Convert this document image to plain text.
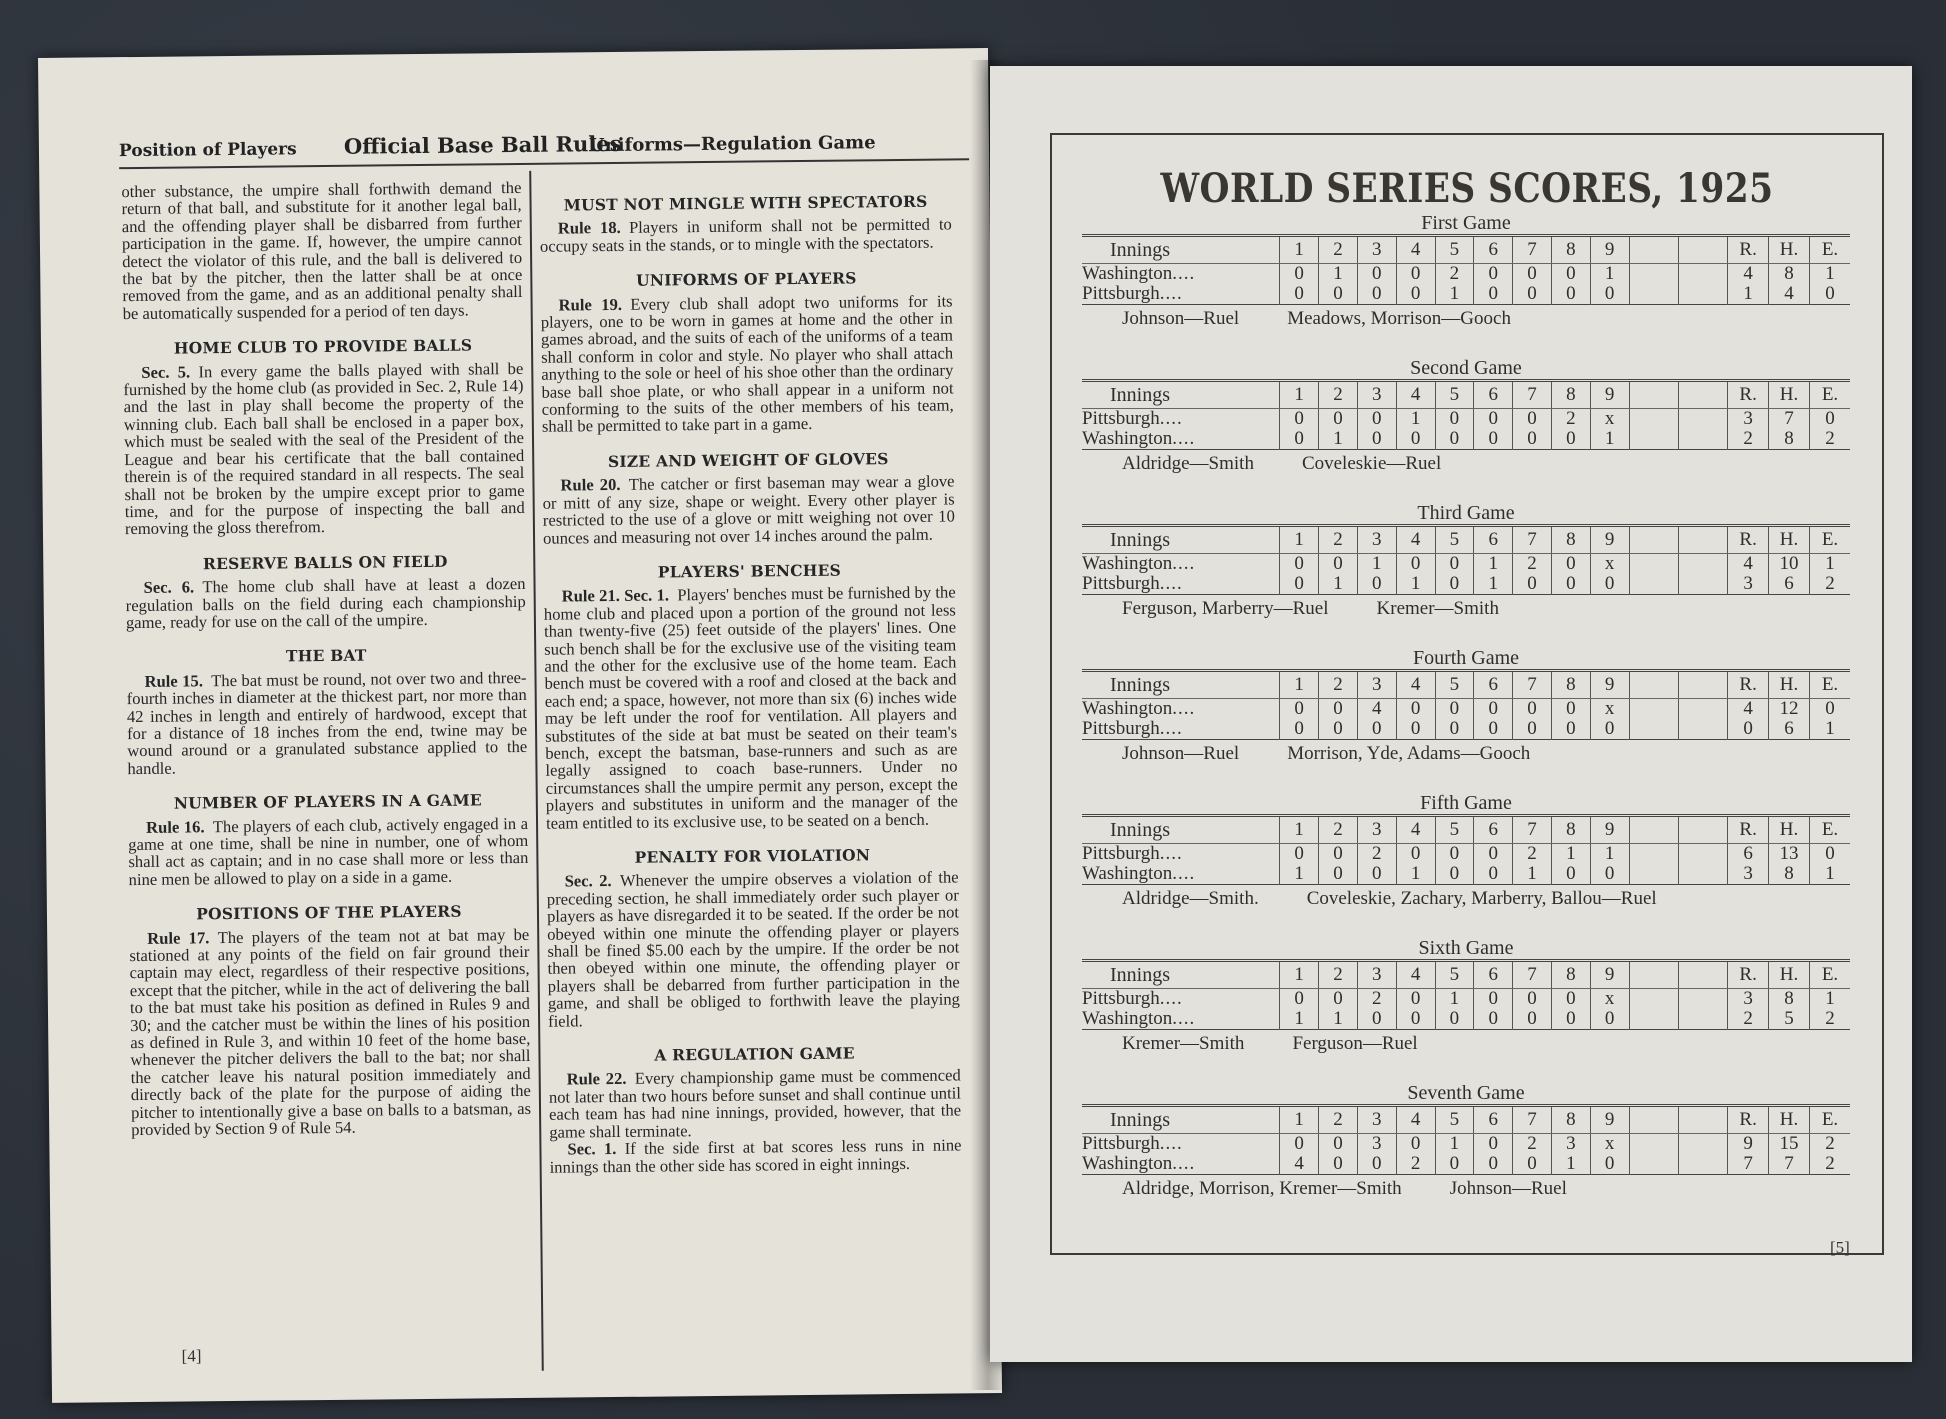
Position of Players Official Base Ball Rules
Uniforms—Regulation Game

other substance, the umpire shall forthwith demand the return of that ball, and substitute for it another legal ball, and the offending player shall be disbarred from further participation in the game. If, however, the umpire cannot detect the violator of this rule, and the ball is delivered to the bat by the pitcher, then the latter shall be at once removed from the game, and as an additional penalty shall be automatically suspended for a period of ten days.

HOME CLUB TO PROVIDE BALLS

Sec. 5.  In every game the balls played with shall be furnished by the home club (as provided in Sec. 2, Rule 14) and the last in play shall become the property of the winning club. Each ball shall be enclosed in a paper box, which must be sealed with the seal of the President of the League and bear his certificate that the ball contained therein is of the required standard in all respects. The seal shall not be broken by the umpire except prior to game time, and for the purpose of inspecting the ball and removing the gloss therefrom.

RESERVE BALLS ON FIELD

Sec. 6.  The home club shall have at least a dozen regulation balls on the field during each championship game, ready for use on the call of the umpire.

THE BAT

Rule 15.  The bat must be round, not over two and three-fourth inches in diameter at the thickest part, nor more than 42 inches in length and entirely of hardwood, except that for a distance of 18 inches from the end, twine may be wound around or a granulated substance applied to the handle.

NUMBER OF PLAYERS IN A GAME

Rule 16.  The players of each club, actively engaged in a game at one time, shall be nine in number, one of whom shall act as captain; and in no case shall more or less than nine men be allowed to play on a side in a game.

POSITIONS OF THE PLAYERS

Rule 17.  The players of the team not at bat may be stationed at any points of the field on fair ground their captain may elect, regardless of their respective positions, except that the pitcher, while in the act of delivering the ball to the bat must take his position as defined in Rules 9 and 30; and the catcher must be within the lines of his position as defined in Rule 3, and within 10 feet of the home base, whenever the pitcher delivers the ball to the bat; nor shall the catcher leave his natural position immediately and directly back of the plate for the purpose of aiding the pitcher to intentionally give a base on balls to a batsman, as provided by Section 9 of Rule 54.

MUST NOT MINGLE WITH SPECTATORS

Rule 18.  Players in uniform shall not be permitted to occupy seats in the stands, or to mingle with the spectators.

UNIFORMS OF PLAYERS

Rule 19.  Every club shall adopt two uniforms for its players, one to be worn in games at home and the other in games abroad, and the suits of each of the uniforms of a team shall conform in color and style. No player who shall attach anything to the sole or heel of his shoe other than the ordinary base ball shoe plate, or who shall appear in a uniform not conforming to the suits of the other members of his team, shall be permitted to take part in a game.

SIZE AND WEIGHT OF GLOVES

Rule 20.  The catcher or first baseman may wear a glove or mitt of any size, shape or weight. Every other player is restricted to the use of a glove or mitt weighing not over 10 ounces and measuring not over 14 inches around the palm.

PLAYERS' BENCHES

Rule 21. Sec. 1.  Players' benches must be furnished by the home club and placed upon a portion of the ground not less than twenty-five (25) feet outside of the players' lines. One such bench shall be for the exclusive use of the visiting team and the other for the exclusive use of the home team. Each bench must be covered with a roof and closed at the back and each end; a space, however, not more than six (6) inches wide may be left under the roof for ventilation. All players and substitutes of the side at bat must be seated on their team's bench, except the batsman, base-runners and such as are legally assigned to coach base-runners. Under no circumstances shall the umpire permit any person, except the players and substitutes in uniform and the manager of the team entitled to its exclusive use, to be seated on a bench.

PENALTY FOR VIOLATION

Sec. 2.  Whenever the umpire observes a violation of the preceding section, he shall immediately order such player or players as have disregarded it to be seated. If the order be not obeyed within one minute the offending player or players shall be fined $5.00 each by the umpire. If the order be not then obeyed within one minute, the offending player or players shall be debarred from further participation in the game, and shall be obliged to forthwith leave the playing field.

A REGULATION GAME

Rule 22.  Every championship game must be commenced not later than two hours before sunset and shall continue until each team has had nine innings, provided, however, that the game shall terminate.

Sec. 1.  If the side first at bat scores less runs in nine innings than the other side has scored in eight innings.

[4]
WORLD SERIES SCORES, 1925
First Game
Innings	1	2	3	4	5	6	7	8	9			R.	H.	E.
Washington....	0	1	0	0	2	0	0	0	1			4	8	1
Pittsburgh....	0	0	0	0	1	0	0	0	0			1	4	0
Johnson—Ruel	Meadows, Morrison—Gooch
Second Game
Innings	1	2	3	4	5	6	7	8	9			R.	H.	E.
Pittsburgh....	0	0	0	1	0	0	0	2	x			3	7	0
Washington....	0	1	0	0	0	0	0	0	1			2	8	2
Aldridge—Smith	Coveleskie—Ruel
Third Game
Innings	1	2	3	4	5	6	7	8	9			R.	H.	E.
Washington....	0	0	1	0	0	1	2	0	x			4	10	1
Pittsburgh....	0	1	0	1	0	1	0	0	0			3	6	2
Ferguson, Marberry—Ruel	Kremer—Smith
Fourth Game
Innings	1	2	3	4	5	6	7	8	9			R.	H.	E.
Washington....	0	0	4	0	0	0	0	0	x			4	12	0
Pittsburgh....	0	0	0	0	0	0	0	0	0			0	6	1
Johnson—Ruel	Morrison, Yde, Adams—Gooch
Fifth Game
Innings	1	2	3	4	5	6	7	8	9			R.	H.	E.
Pittsburgh....	0	0	2	0	0	0	2	1	1			6	13	0
Washington....	1	0	0	1	0	0	1	0	0			3	8	1
Aldridge—Smith.	Coveleskie, Zachary, Marberry, Ballou—Ruel
Sixth Game
Innings	1	2	3	4	5	6	7	8	9			R.	H.	E.
Pittsburgh....	0	0	2	0	1	0	0	0	x			3	8	1
Washington....	1	1	0	0	0	0	0	0	0			2	5	2
Kremer—Smith	Ferguson—Ruel
Seventh Game
Innings	1	2	3	4	5	6	7	8	9			R.	H.	E.
Pittsburgh....	0	0	3	0	1	0	2	3	x			9	15	2
Washington....	4	0	0	2	0	0	0	1	0			7	7	2
Aldridge, Morrison, Kremer—Smith	Johnson—Ruel
[5]
